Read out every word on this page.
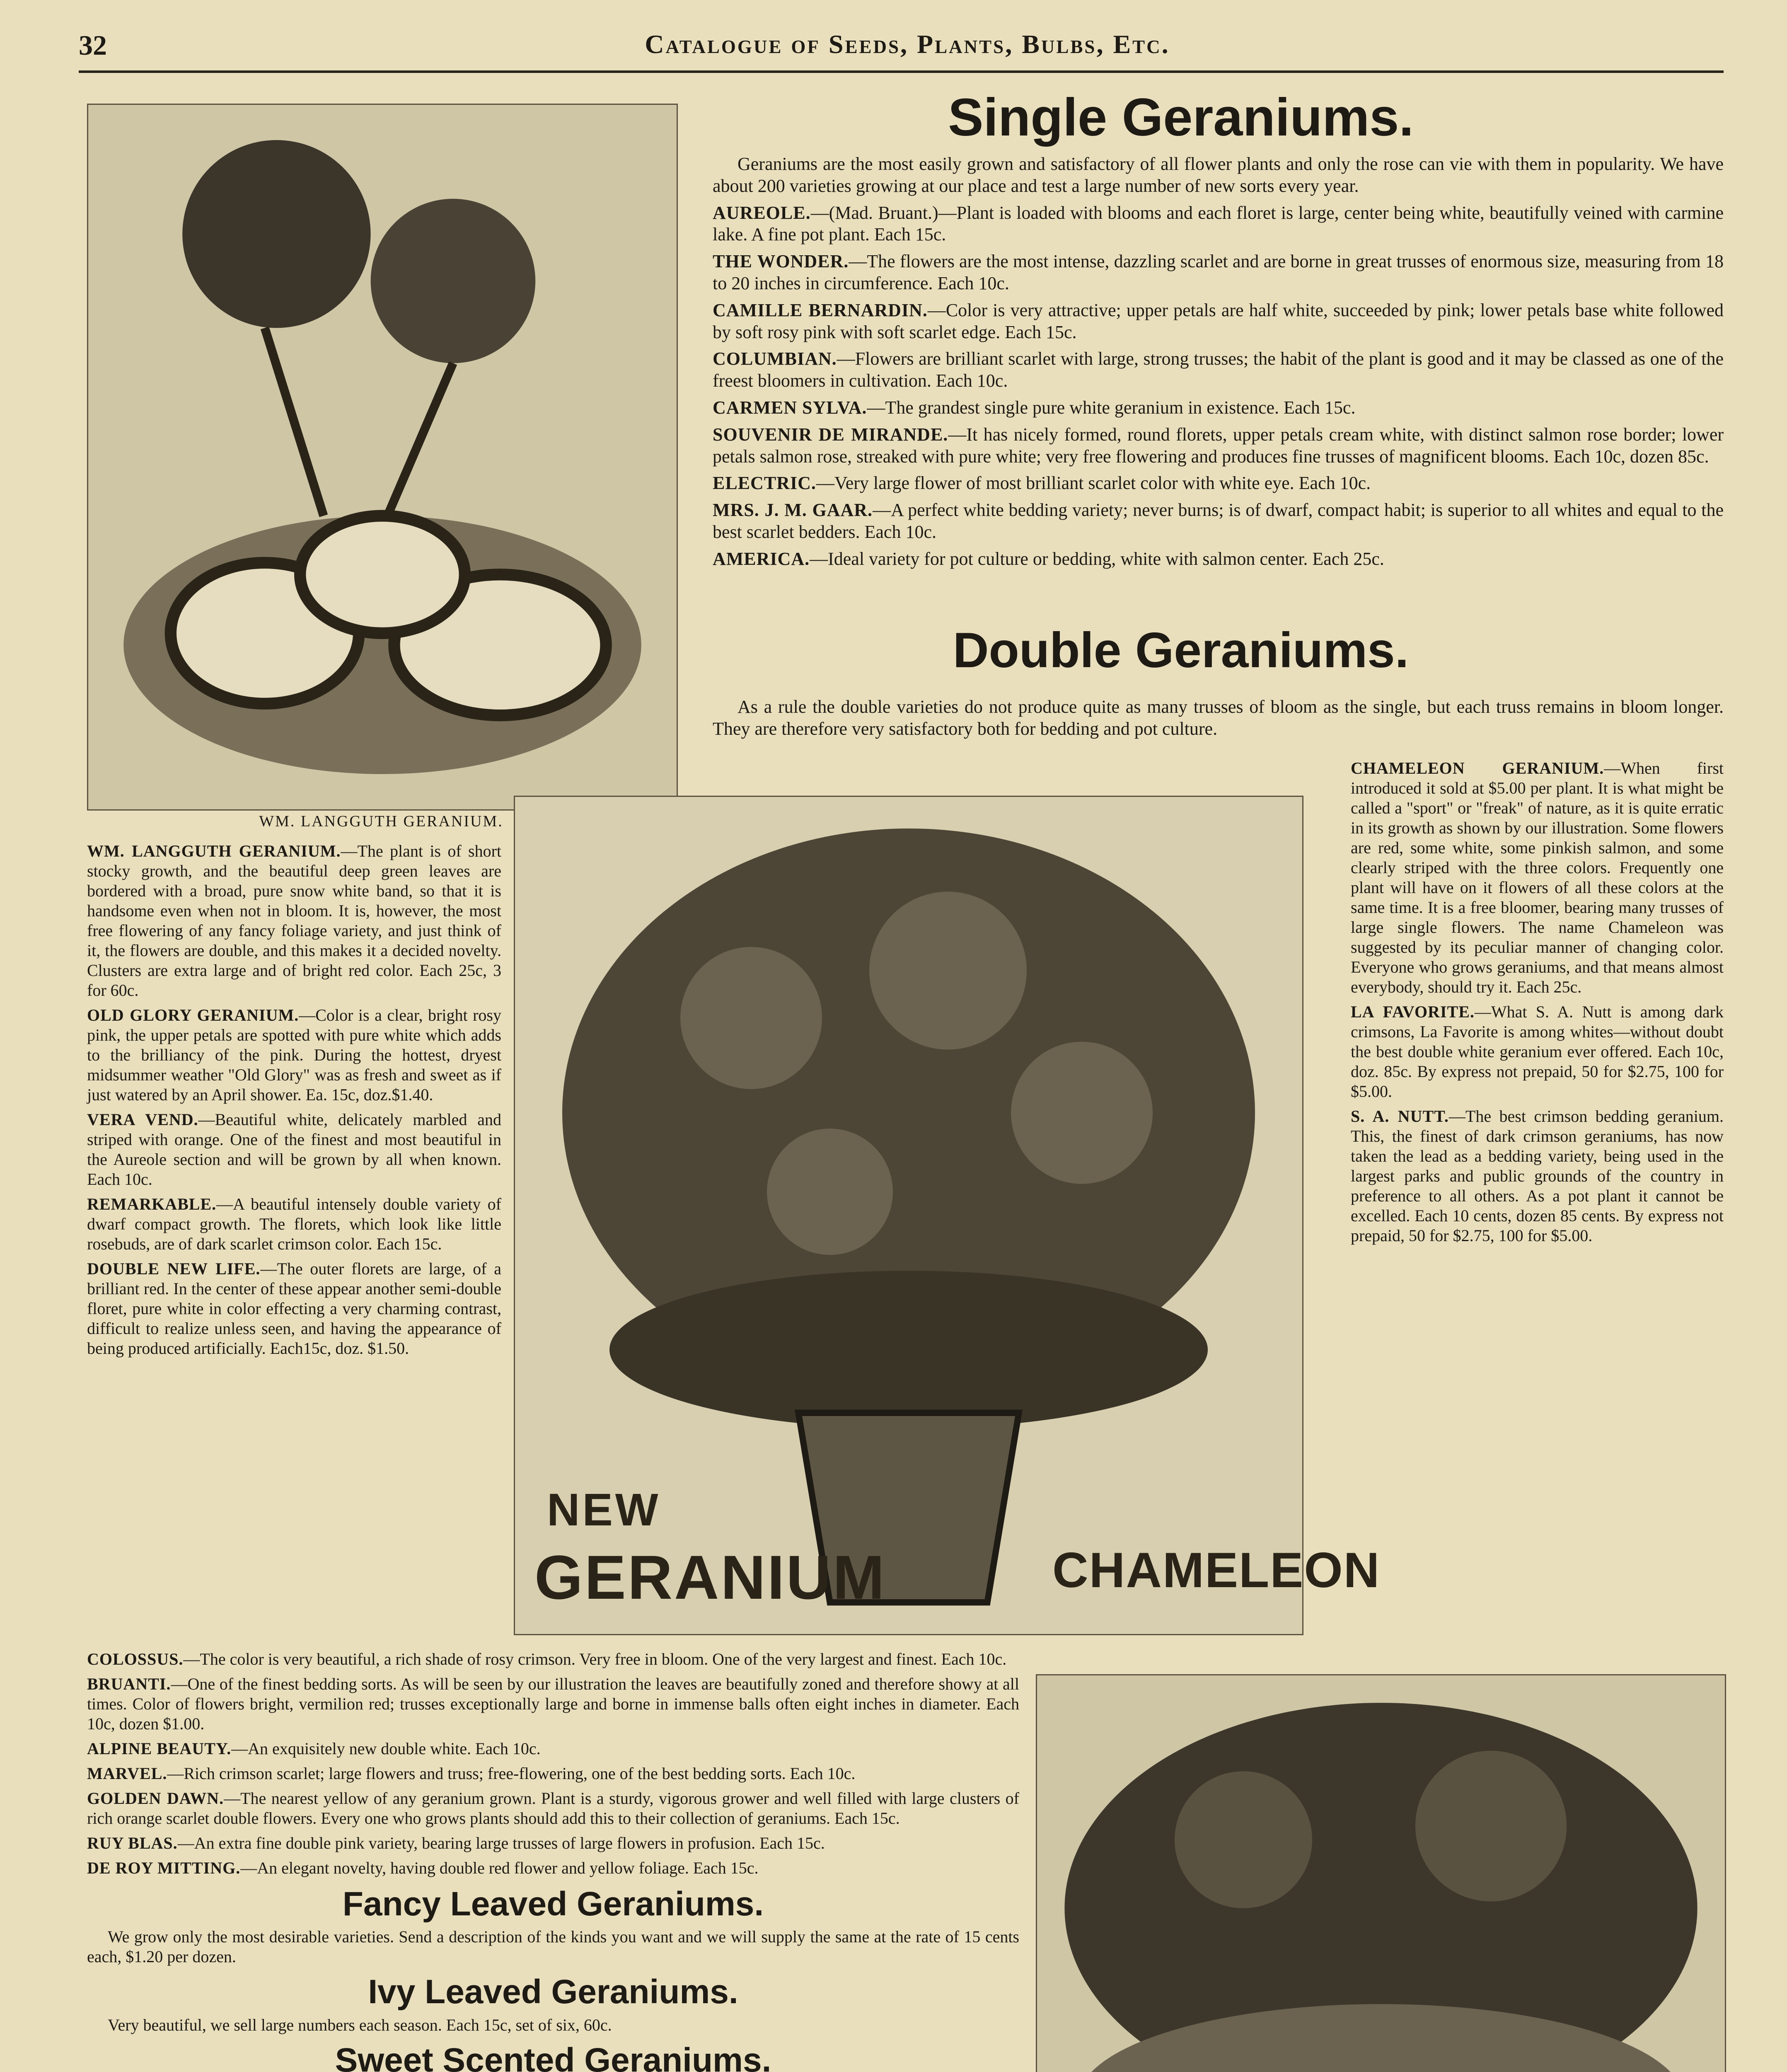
32	Catalogue of Seeds, Plants, Bulbs, Etc.
WM. LANGGUTH GERANIUM.
Single Geraniums.

Geraniums are the most easily grown and satisfactory of all flower plants and only the rose can vie with them in popularity. We have about 200 varieties growing at our place and test a large number of new sorts every year.

AUREOLE.—(Mad. Bruant.)—Plant is loaded with blooms and each floret is large, center being white, beautifully veined with carmine lake. A fine pot plant. Each 15c.

THE WONDER.—The flowers are the most intense, dazzling scarlet and are borne in great trusses of enormous size, measuring from 18 to 20 inches in circumference. Each 10c.

CAMILLE BERNARDIN.—Color is very attractive; upper petals are half white, succeeded by pink; lower petals base white followed by soft rosy pink with soft scarlet edge. Each 15c.

COLUMBIAN.—Flowers are brilliant scarlet with large, strong trusses; the habit of the plant is good and it may be classed as one of the freest bloomers in cultivation. Each 10c.

CARMEN SYLVA.—The grandest single pure white geranium in existence. Each 15c.

SOUVENIR DE MIRANDE.—It has nicely formed, round florets, upper petals cream white, with distinct salmon rose border; lower petals salmon rose, streaked with pure white; very free flowering and produces fine trusses of magnificent blooms. Each 10c, dozen 85c.

ELECTRIC.—Very large flower of most brilliant scarlet color with white eye. Each 10c.

MRS. J. M. GAAR.—A perfect white bedding variety; never burns; is of dwarf, compact habit; is superior to all whites and equal to the best scarlet bedders. Each 10c.

AMERICA.—Ideal variety for pot culture or bedding, white with salmon center. Each 25c.

Double Geraniums.

As a rule the double varieties do not produce quite as many trusses of bloom as the single, but each truss remains in bloom longer. They are therefore very satisfactory both for bedding and pot culture.

WM. LANGGUTH GERANIUM.—The plant is of short stocky growth, and the beautiful deep green leaves are bordered with a broad, pure snow white band, so that it is handsome even when not in bloom. It is, however, the most free flowering of any fancy foliage variety, and just think of it, the flowers are double, and this makes it a decided novelty. Clusters are extra large and of bright red color. Each 25c, 3 for 60c.

OLD GLORY GERANIUM.—Color is a clear, bright rosy pink, the upper petals are spotted with pure white which adds to the brilliancy of the pink. During the hottest, dryest midsummer weather "Old Glory" was as fresh and sweet as if just watered by an April shower. Ea. 15c, doz.$1.40.

VERA VEND.—Beautiful white, delicately marbled and striped with orange. One of the finest and most beautiful in the Aureole section and will be grown by all when known. Each 10c.

REMARKABLE.—A beautiful intensely double variety of dwarf compact growth. The florets, which look like little rosebuds, are of dark scarlet crimson color. Each 15c.

DOUBLE NEW LIFE.—The outer florets are large, of a brilliant red. In the center of these appear another semi-double floret, pure white in color effecting a very charming contrast, difficult to realize unless seen, and having the appearance of being produced artificially. Each15c, doz. $1.50.

NEW
GERANIUM	CHAMELEON

CHAMELEON GERANIUM.—When first introduced it sold at $5.00 per plant. It is what might be called a "sport" or "freak" of nature, as it is quite erratic in its growth as shown by our illustration. Some flowers are red, some white, some pinkish salmon, and some clearly striped with the three colors. Frequently one plant will have on it flowers of all these colors at the same time. It is a free bloomer, bearing many trusses of large single flowers. The name Chameleon was suggested by its peculiar manner of changing color. Everyone who grows geraniums, and that means almost everybody, should try it. Each 25c.

LA FAVORITE.—What S. A. Nutt is among dark crimsons, La Favorite is among whites—without doubt the best double white geranium ever offered. Each 10c, doz. 85c. By express not prepaid, 50 for $2.75, 100 for $5.00.

S. A. NUTT.—The best crimson bedding geranium. This, the finest of dark crimson geraniums, has now taken the lead as a bedding variety, being used in the largest parks and public grounds of the country in preference to all others. As a pot plant it cannot be excelled. Each 10 cents, dozen 85 cents. By express not prepaid, 50 for $2.75, 100 for $5.00.

COLOSSUS.—The color is very beautiful, a rich shade of rosy crimson. Very free in bloom. One of the very largest and finest. Each 10c.

BRUANTI.—One of the finest bedding sorts. As will be seen by our illustration the leaves are beautifully zoned and therefore showy at all times. Color of flowers bright, vermilion red; trusses exceptionally large and borne in immense balls often eight inches in diameter. Each 10c, dozen $1.00.

ALPINE BEAUTY.—An exquisitely new double white. Each 10c.

MARVEL.—Rich crimson scarlet; large flowers and truss; free-flowering, one of the best bedding sorts. Each 10c.

GOLDEN DAWN.—The nearest yellow of any geranium grown. Plant is a sturdy, vigorous grower and well filled with large clusters of rich orange scarlet double flowers. Every one who grows plants should add this to their collection of geraniums. Each 15c.

RUY BLAS.—An extra fine double pink variety, bearing large trusses of large flowers in profusion. Each 15c.

DE ROY MITTING.—An elegant novelty, having double red flower and yellow foliage. Each 15c.

Fancy Leaved Geraniums.

We grow only the most desirable varieties. Send a description of the kinds you want and we will supply the same at the rate of 15 cents each, $1.20 per dozen.

Ivy Leaved Geraniums.

Very beautiful, we sell large numbers each season. Each 15c, set of six, 60c.

Sweet Scented Geraniums.
